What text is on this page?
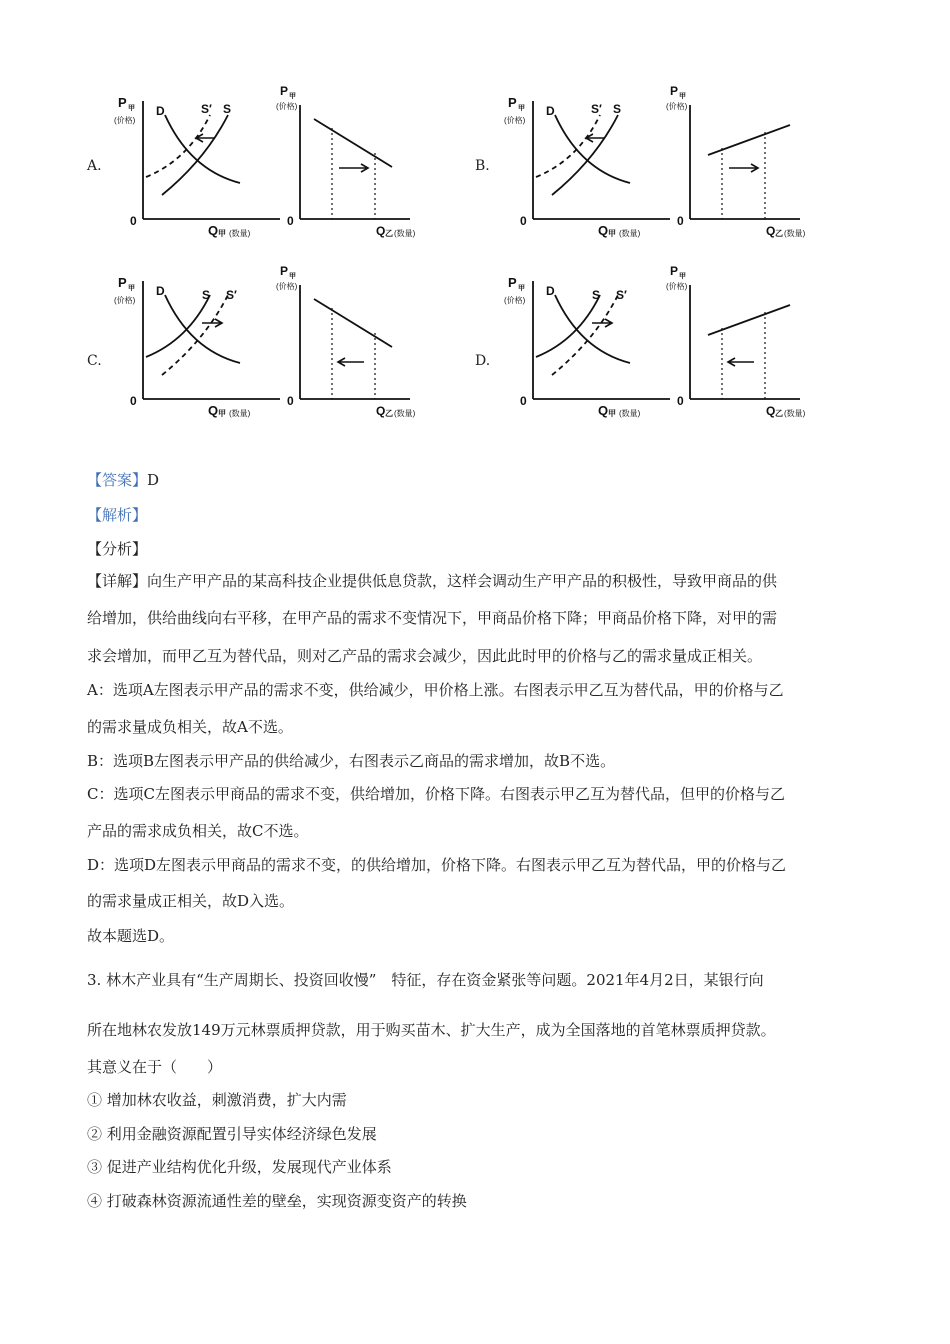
A.	B.
C.	D.
P 甲
(价格)
0
Q 甲 (数量)
D	S′ S
P 甲
(价格)
0
Q 乙 (数量)
P 甲
(价格)
0
Q 甲 (数量)
D	S′ S
P 甲
(价格)
0
Q 乙 (数量)
P 甲
(价格)
0
Q 甲 (数量)
D	S S′
P 甲
(价格)
0
Q 乙 (数量)
P 甲
(价格)
0
Q 甲 (数量)
D	S S′
P 甲
(价格)
0
Q 乙 (数量)
【答案】D
【解析】
【分析】
【详解】向生产甲产品的某高科技企业提供低息贷款，这样会调动生产甲产品的积极性，导致甲商品的供
给增加，供给曲线向右平移，在甲产品的需求不变情况下，甲商品价格下降；甲商品价格下降，对甲的需
求会增加，而甲乙互为替代品，则对乙产品的需求会减少，因此此时甲的价格与乙的需求量成正相关。
A：选项A左图表示甲产品的需求不变，供给减少，甲价格上涨。右图表示甲乙互为替代品，甲的价格与乙
的需求量成负相关，故A不选。
B：选项B左图表示甲产品的供给减少，右图表示乙商品的需求增加，故B不选。
C：选项C左图表示甲商品的需求不变，供给增加，价格下降。右图表示甲乙互为替代品，但甲的价格与乙
产品的需求成负相关，故C不选。
D：选项D左图表示甲商品的需求不变，的供给增加，价格下降。右图表示甲乙互为替代品，甲的价格与乙
的需求量成正相关，故D入选。
故本题选D。
3. 林木产业具有“生产周期长、投资回收慢”　特征，存在资金紧张等问题。2021年4月2日，某银行向
所在地林农发放149万元林票质押贷款，用于购买苗木、扩大生产，成为全国落地的首笔林票质押贷款。
其意义在于（　　）
① 增加林农收益，刺激消费，扩大内需
② 利用金融资源配置引导实体经济绿色发展
③ 促进产业结构优化升级，发展现代产业体系
④ 打破森林资源流通性差的壁垒，实现资源变资产的转换
